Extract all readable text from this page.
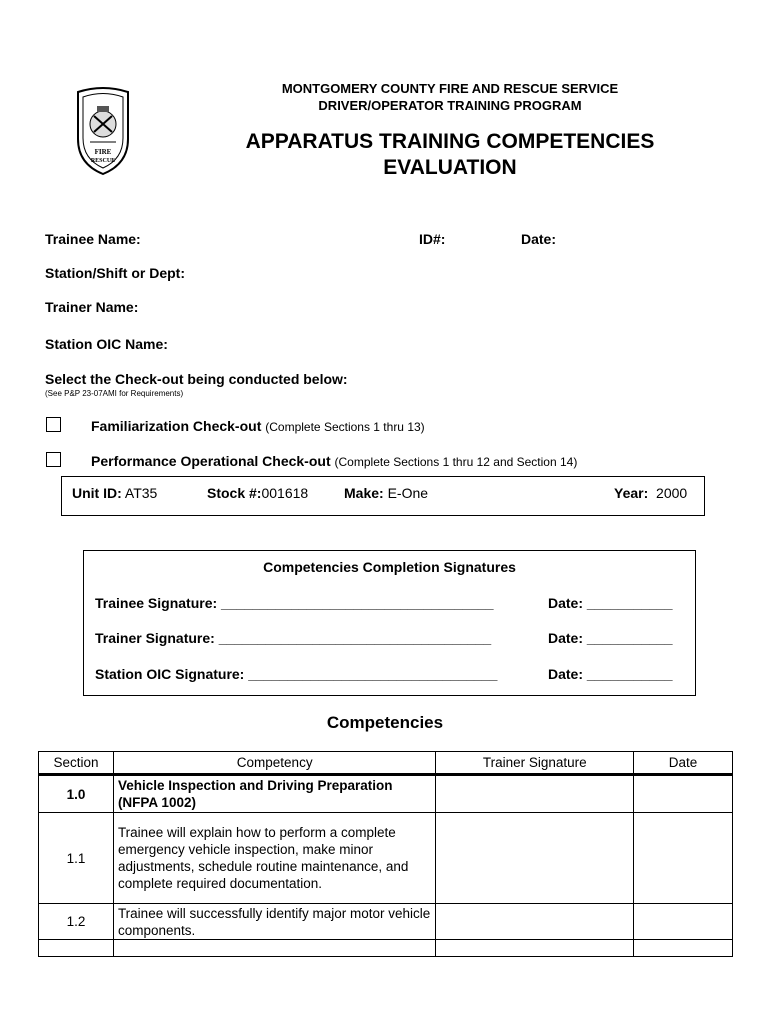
FIRE
RESCUE
MONTGOMERY COUNTY FIRE AND RESCUE SERVICE
DRIVER/OPERATOR TRAINING PROGRAM
APPARATUS TRAINING COMPETENCIES
EVALUATION
Trainee Name:	ID#:	Date:
Station/Shift or Dept:
Trainer Name:
Station OIC Name:
Select the Check-out being conducted below:
(See P&P 23-07AMI for Requirements)
Familiarization Check-out (Complete Sections 1 thru 13)
Performance Operational Check-out (Complete Sections 1 thru 12 and Section 14)
Unit ID: AT35	Stock #:001618	Make: E-One	Year: 2000
Competencies Completion Signatures
Trainee Signature: ___________________________________	Date: ___________
Trainer Signature: ___________________________________	Date: ___________
Station OIC Signature: ________________________________	Date: ___________
Competencies
Section	Competency	Trainer Signature	Date
1.0	Vehicle Inspection and Driving Preparation (NFPA 1002)		
1.1	Trainee will explain how to perform a complete emergency vehicle inspection, make minor adjustments, schedule routine maintenance, and complete required documentation.		
1.2	Trainee will successfully identify major motor vehicle components.		
